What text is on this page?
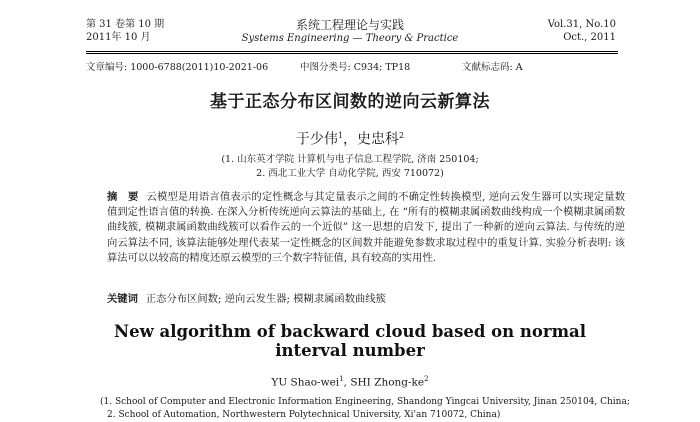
第 31 卷第 10 期
2011年 10 月
系统工程理论与实践
Systems Engineering — Theory & Practice
Vol.31, No.10
Oct., 2011
文章编号: 1000-6788(2011)10-2021-06	中图分类号: C934; TP18	文献标志码: A
基于正态分布区间数的逆向云新算法
于少伟$^1$，史忠科$^2$
(1. 山东英才学院 计算机与电子信息工程学院, 济南 250104;
2. 西北工业大学 自动化学院, 西安 710072)
摘　要 云模型是用语言值表示的定性概念与其定量表示之间的不确定性转换模型, 逆向云发生器可以实现定量数值到定性语言值的转换. 在深入分析传统逆向云算法的基础上, 在 “所有的模糊隶属函数曲线构成一个模糊隶属函数曲线簇, 模糊隶属函数曲线簇可以看作云的一个近似” 这一思想的启发下, 提出了一种新的逆向云算法. 与传统的逆向云算法不同, 该算法能够处理代表某一定性概念的区间数并能避免参数求取过程中的重复计算. 实验分析表明: 该算法可以以较高的精度还原云模型的三个数字特征值, 具有较高的实用性.
关键词 正态分布区间数; 逆向云发生器; 模糊隶属函数曲线簇
New algorithm of backward cloud based on normal interval number
YU Shao-wei$^1$, SHI Zhong-$ke^2$
(1. School of Computer and Electronic Information Engineering, Shandong Yingcai University, Jinan 250104, China;
2. School of Automation, Northwestern Polytechnical University, Xi'an 710072, China)
